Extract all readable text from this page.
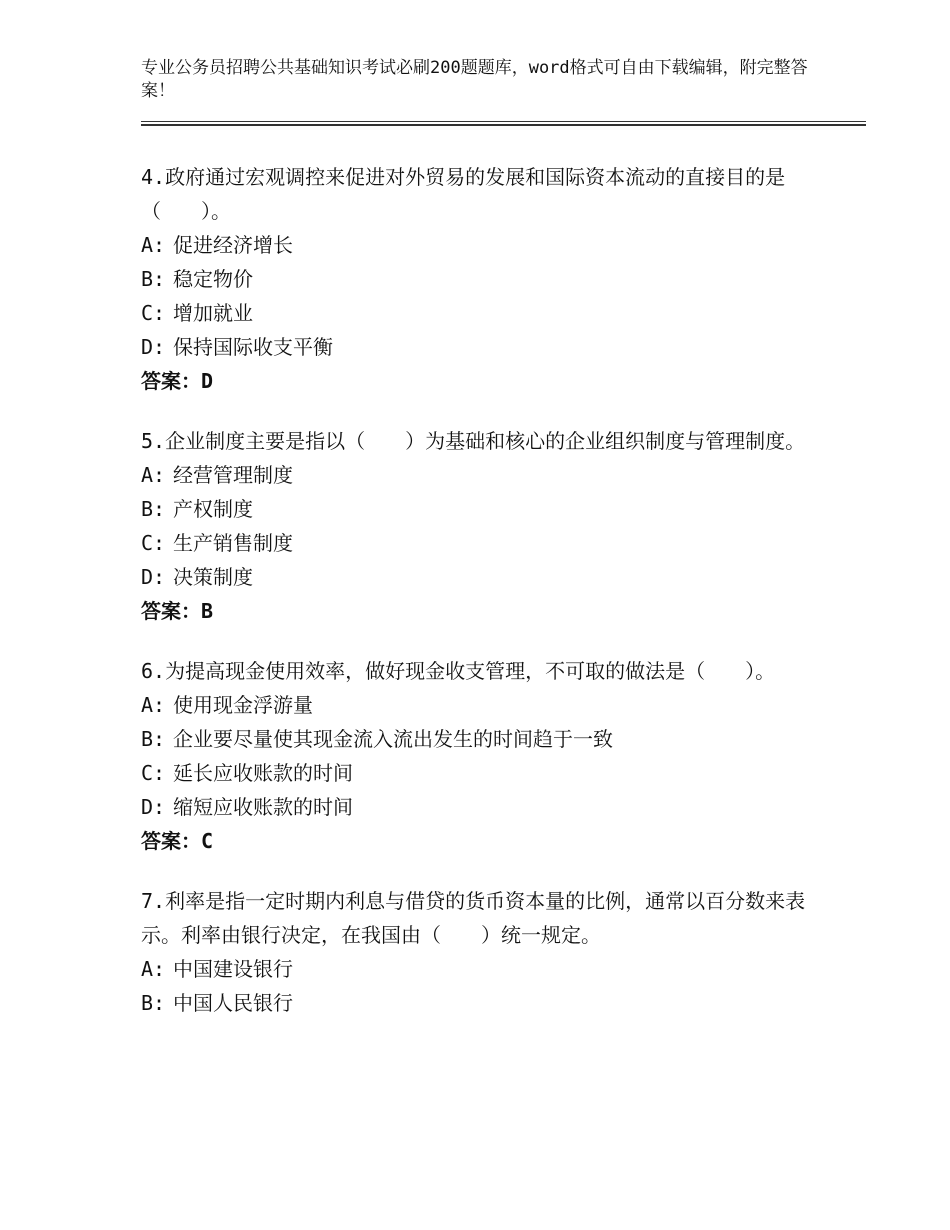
专业公务员招聘公共基础知识考试必刷200题题库，word格式可自由下载编辑，附完整答案！

4.政府通过宏观调控来促进对外贸易的发展和国际资本流动的直接目的是（　　）。

A: 促进经济增长

B: 稳定物价

C: 增加就业

D: 保持国际收支平衡

答案：D

5.企业制度主要是指以（　　）为基础和核心的企业组织制度与管理制度。

A: 经营管理制度

B: 产权制度

C: 生产销售制度

D: 决策制度

答案：B

6.为提高现金使用效率，做好现金收支管理，不可取的做法是（　　）。

A: 使用现金浮游量

B: 企业要尽量使其现金流入流出发生的时间趋于一致

C: 延长应收账款的时间

D: 缩短应收账款的时间

答案：C

7.利率是指一定时期内利息与借贷的货币资本量的比例，通常以百分数来表示。利率由银行决定，在我国由（　　）统一规定。

A: 中国建设银行

B: 中国人民银行
